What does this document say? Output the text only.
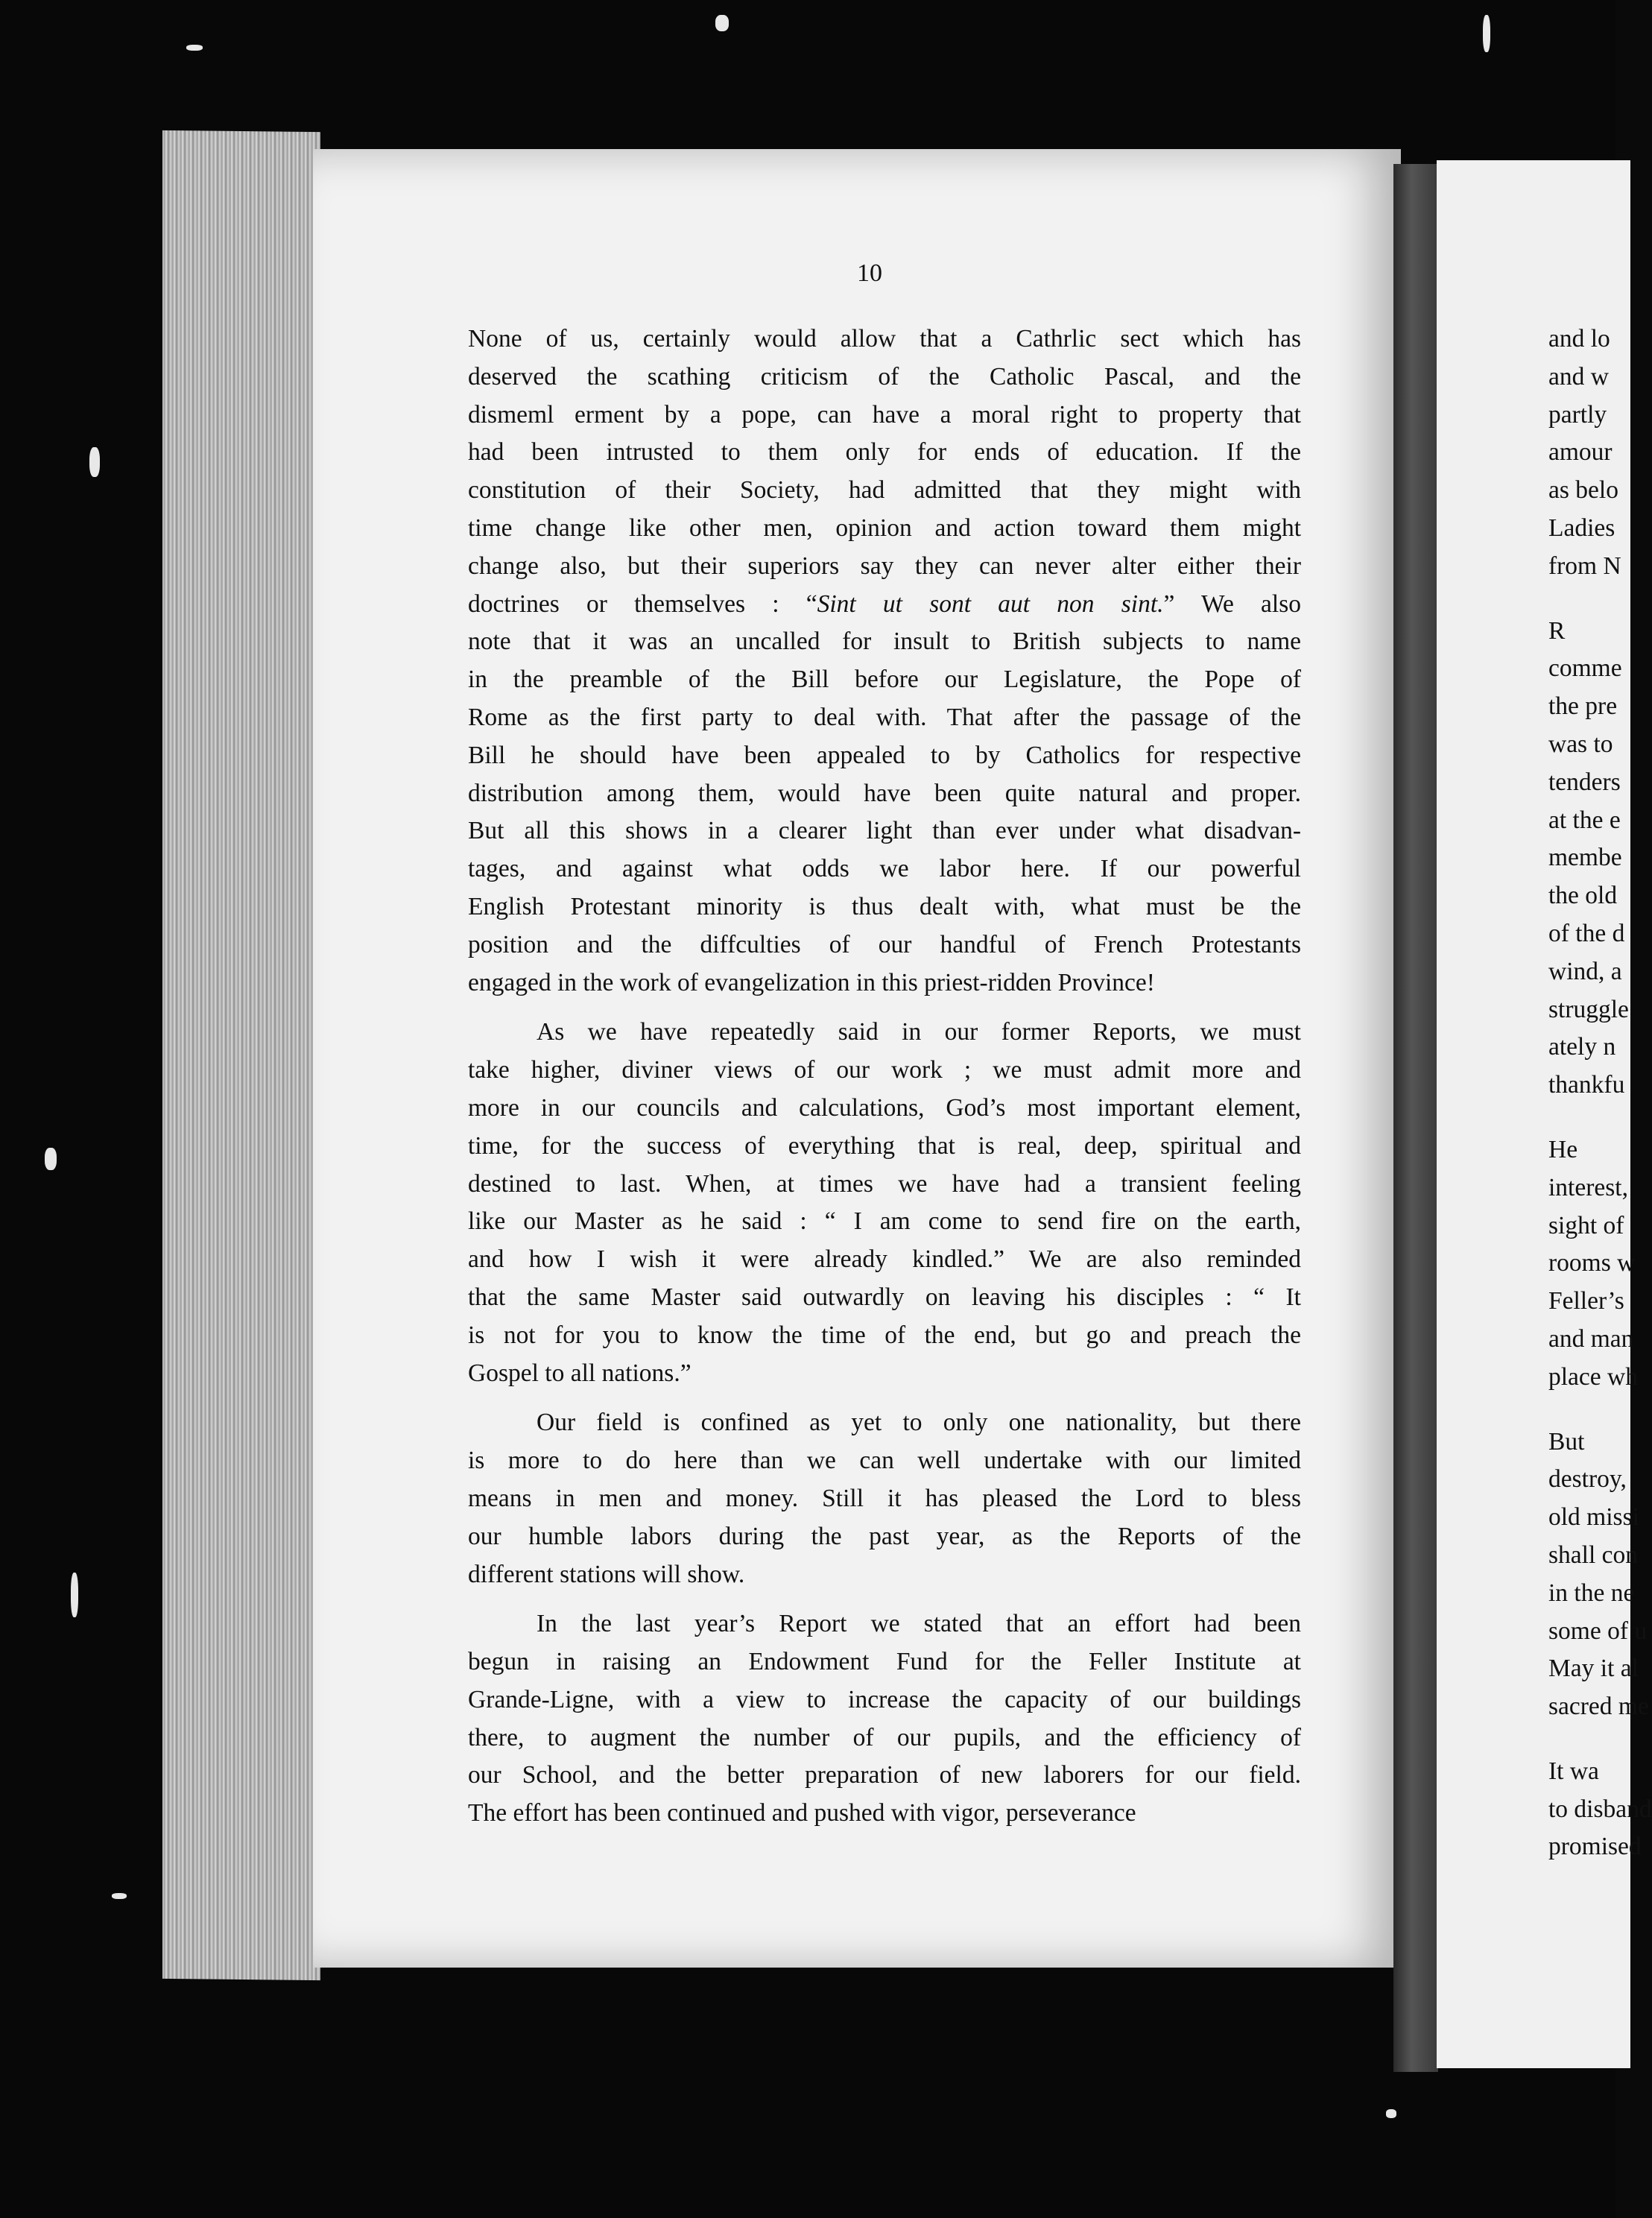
10
None of us, certainly would allow that a Cathrlic sect which has
deserved the scathing criticism of the Catholic Pascal, and the
dismeml erment by a pope, can have a moral right to property that
had been intrusted to them only for ends of education. If the
constitution of their Society, had admitted that they might with
time change like other men, opinion and action toward them might
change also, but their superiors say they can never alter either their
doctrines or themselves : “Sint ut sont aut non sint.” We also
note that it was an uncalled for insult to British subjects to name
in the preamble of the Bill before our Legislature, the Pope of
Rome as the first party to deal with. That after the passage of the
Bill he should have been appealed to by Catholics for respective
distribution among them, would have been quite natural and proper.
But all this shows in a clearer light than ever under what disadvan-
tages, and against what odds we labor here. If our powerful
English Protestant minority is thus dealt with, what must be the
position and the diffculties of our handful of French Protestants
engaged in the work of evangelization in this priest-ridden Province!
As we have repeatedly said in our former Reports, we must
take higher, diviner views of our work ; we must admit more and
more in our councils and calculations, God’s most important element,
time, for the success of everything that is real, deep, spiritual and
destined to last. When, at times we have had a transient feeling
like our Master as he said : “ I am come to send fire on the earth,
and how I wish it were already kindled.” We are also reminded
that the same Master said outwardly on leaving his disciples : “ It
is not for you to know the time of the end, but go and preach the
Gospel to all nations.”
Our field is confined as yet to only one nationality, but there
is more to do here than we can well undertake with our limited
means in men and money. Still it has pleased the Lord to bless
our humble labors during the past year, as the Reports of the
different stations will show.
In the last year’s Report we stated that an effort had been
begun in raising an Endowment Fund for the Feller Institute at
Grande-Ligne, with a view to increase the capacity of our buildings
there, to augment the number of our pupils, and the efficiency of
our School, and the better preparation of new laborers for our field.
The effort has been continued and pushed with vigor, perseverance
and lo
and w
partly
amour
as belo
Ladies
from N
R
comme
the pre
was to
tenders
at the e
membe
the old
of the d
wind, a
struggle
ately n
thankfu
He
interest,
sight of
rooms w
Feller’s
and man
place wh
But
destroy,
old missi
shall con
in the ne
some of u
May it al
sacred me
It wa
to disband
promised
